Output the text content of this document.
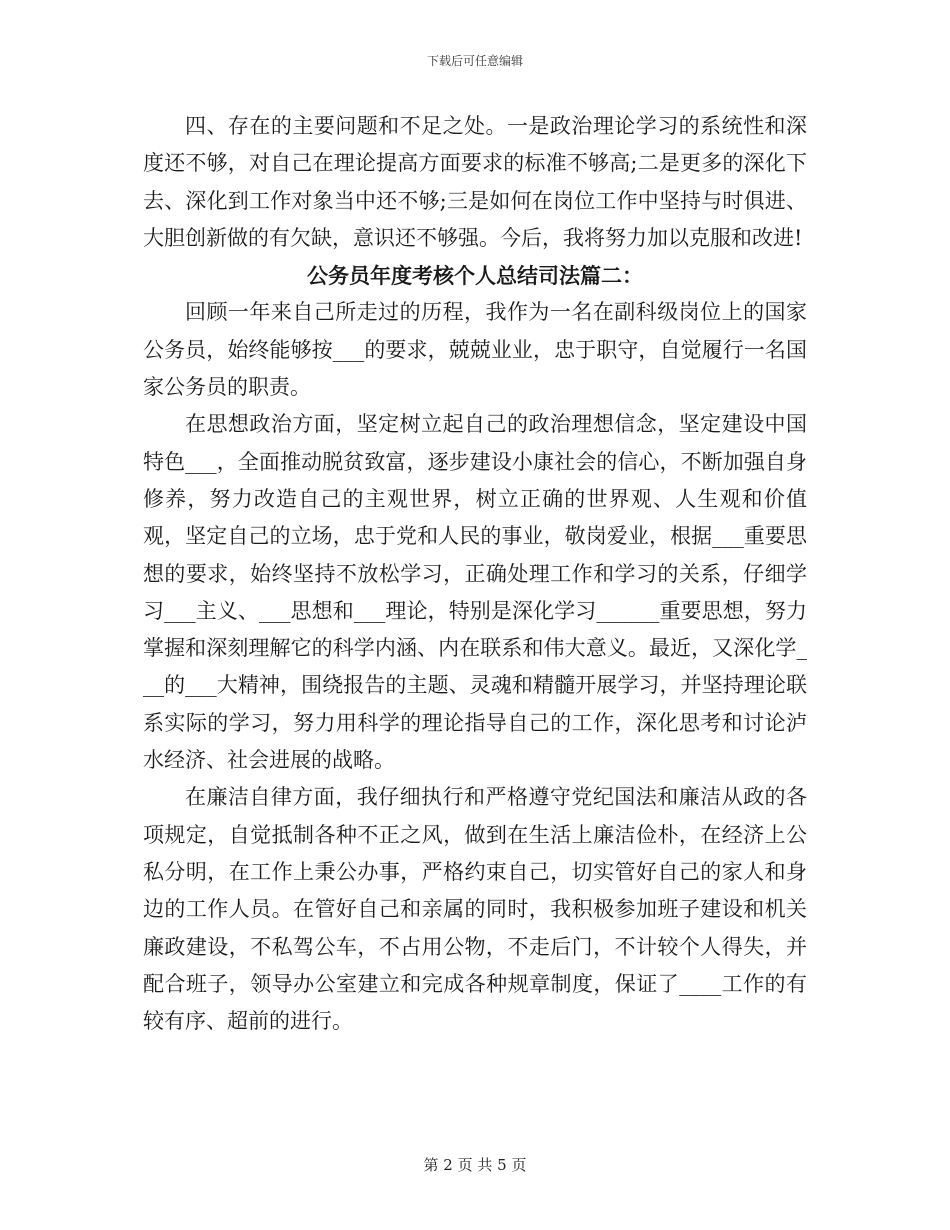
下载后可任意编辑

四、存在的主要问题和不足之处。一是政治理论学习的系统性和深度还不够，对自己在理论提高方面要求的标准不够高;二是更多的深化下去、深化到工作对象当中还不够;三是如何在岗位工作中坚持与时俱进、大胆创新做的有欠缺，意识还不够强。今后，我将努力加以克服和改进!

公务员年度考核个人总结司法篇二：

回顾一年来自己所走过的历程，我作为一名在副科级岗位上的国家公务员，始终能够按___的要求，兢兢业业，忠于职守，自觉履行一名国家公务员的职责。

在思想政治方面，坚定树立起自己的政治理想信念，坚定建设中国特色___，全面推动脱贫致富，逐步建设小康社会的信心，不断加强自身修养，努力改造自己的主观世界，树立正确的世界观、人生观和价值观，坚定自己的立场，忠于党和人民的事业，敬岗爱业，根据___重要思想的要求，始终坚持不放松学习，正确处理工作和学习的关系，仔细学习___主义、___思想和___理论，特别是深化学习______重要思想，努力掌握和深刻理解它的科学内涵、内在联系和伟大意义。最近，又深化学___的___大精神，围绕报告的主题、灵魂和精髓开展学习，并坚持理论联系实际的学习，努力用科学的理论指导自己的工作，深化思考和讨论泸水经济、社会进展的战略。

在廉洁自律方面，我仔细执行和严格遵守党纪国法和廉洁从政的各项规定，自觉抵制各种不正之风，做到在生活上廉洁俭朴，在经济上公私分明，在工作上秉公办事，严格约束自己，切实管好自己的家人和身边的工作人员。在管好自己和亲属的同时，我积极参加班子建设和机关廉政建设，不私驾公车，不占用公物，不走后门，不计较个人得失，并配合班子，领导办公室建立和完成各种规章制度，保证了____工作的有较有序、超前的进行。

第 2 页 共 5 页
